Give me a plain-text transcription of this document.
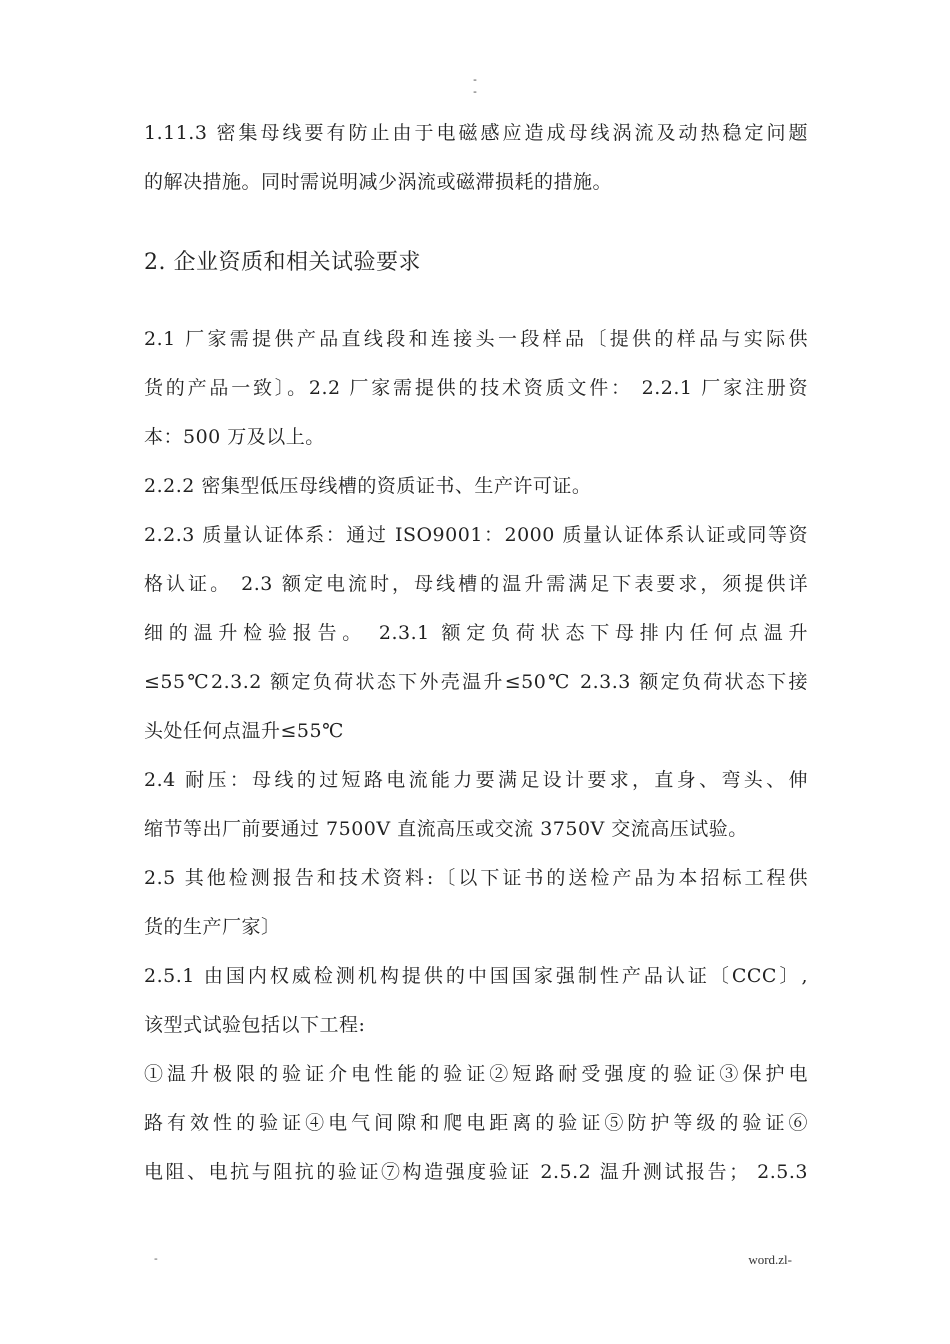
-
-
1.11.3 密集母线要有防止由于电磁感应造成母线涡流及动热稳定问题
的解决措施。同时需说明减少涡流或磁滞损耗的措施。
2. 企业资质和相关试验要求
2.1 厂家需提供产品直线段和连接头一段样品〔提供的样品与实际供
货的产品一致〕。2.2 厂家需提供的技术资质文件： 2.2.1 厂家注册资
本：500 万及以上。
2.2.2 密集型低压母线槽的资质证书、生产许可证。
2.2.3 质量认证体系：通过 ISO9001：2000 质量认证体系认证或同等资
格认证。 2.3 额定电流时，母线槽的温升需满足下表要求，须提供详
细的温升检验报告。 2.3.1 额定负荷状态下母排内任何点温升
≤55℃2.3.2 额定负荷状态下外壳温升≤50℃ 2.3.3 额定负荷状态下接
头处任何点温升≤55℃
2.4 耐压：母线的过短路电流能力要满足设计要求，直身、弯头、伸
缩节等出厂前要通过 7500V 直流高压或交流 3750V 交流高压试验。
2.5 其他检测报告和技术资料:〔以下证书的送检产品为本招标工程供
货的生产厂家〕
2.5.1 由国内权威检测机构提供的中国国家强制性产品认证〔CCC〕,
该型式试验包括以下工程:
①温升极限的验证介电性能的验证②短路耐受强度的验证③保护电
路有效性的验证④电气间隙和爬电距离的验证⑤防护等级的验证⑥
电阻、电抗与阻抗的验证⑦构造强度验证 2.5.2 温升测试报告； 2.5.3
-	word.zl-
